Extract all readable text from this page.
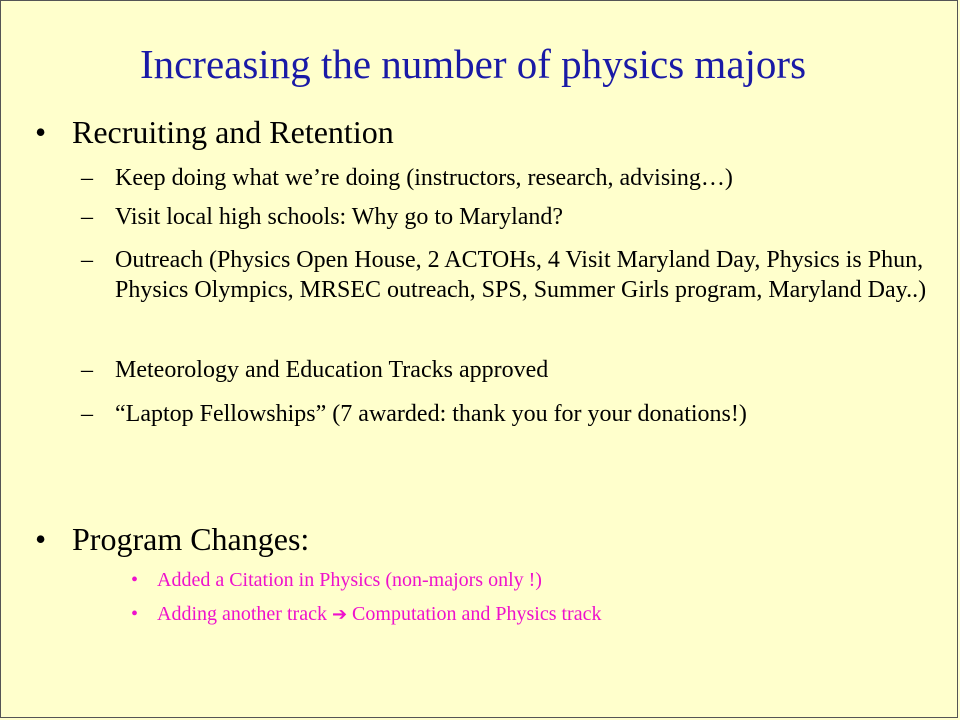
Increasing the number of physics majors
• Recruiting and Retention
– Keep doing what we’re doing (instructors, research, advising…)
– Visit local high schools: Why go to Maryland?
– Outreach (Physics Open House, 2 ACTOHs, 4 Visit Maryland Day, Physics is Phun, Physics Olympics, MRSEC outreach, SPS, Summer Girls program, Maryland Day..)
– Meteorology and Education Tracks approved
– “Laptop Fellowships” (7 awarded: thank you for your donations!)
• Program Changes:
• Added a Citation in Physics (non-majors only !)
• Adding another track ➔ Computation and Physics track
